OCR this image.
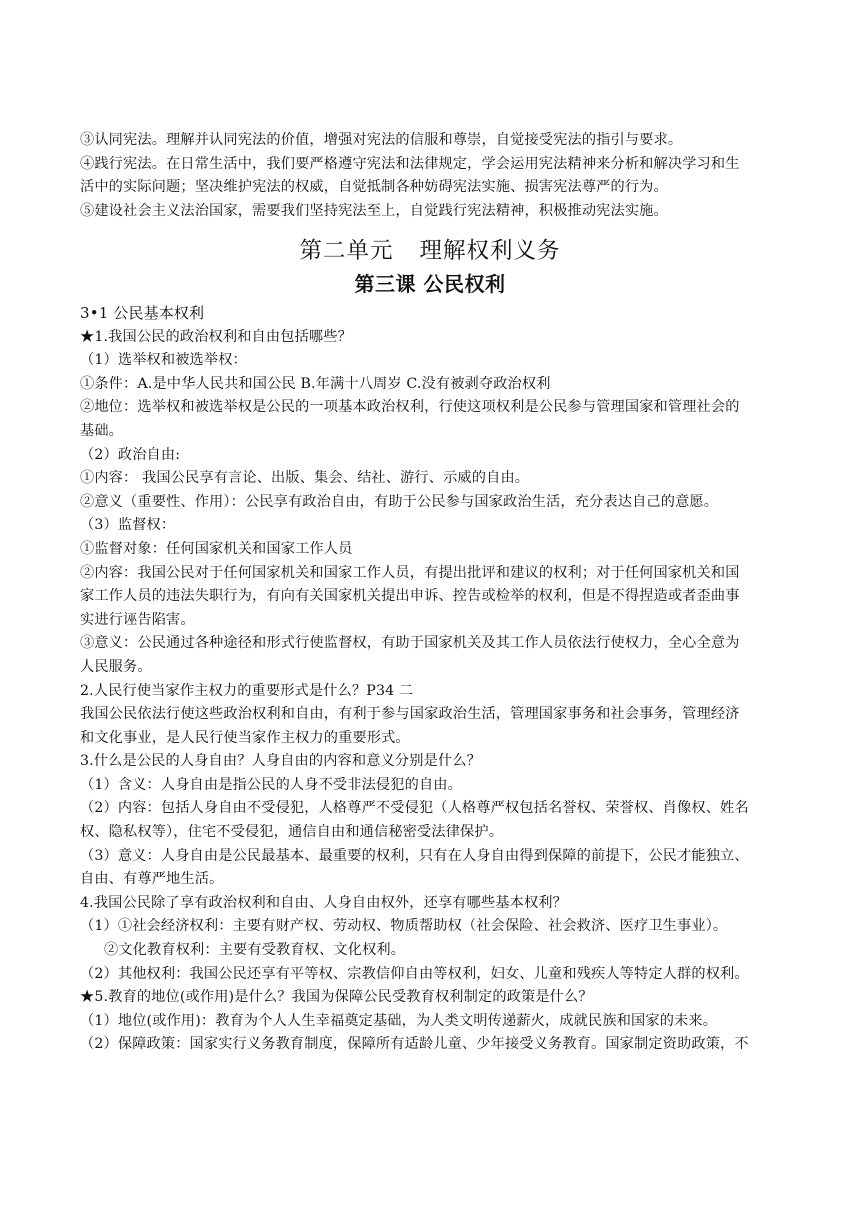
③认同宪法。理解并认同宪法的价值，增强对宪法的信服和尊崇，自觉接受宪法的指引与要求。
④践行宪法。在日常生活中，我们要严格遵守宪法和法律规定，学会运用宪法精神来分析和解决学习和生
活中的实际问题；坚决维护宪法的权威，自觉抵制各种妨碍宪法实施、损害宪法尊严的行为。
⑤建设社会主义法治国家，需要我们坚持宪法至上，自觉践行宪法精神，积极推动宪法实施。
第二单元 理解权利义务
第三课 公民权利
3•1 公民基本权利
★1.我国公民的政治权利和自由包括哪些？
（1）选举权和被选举权：
①条件：A.是中华人民共和国公民 B.年满十八周岁 C.没有被剥夺政治权利
②地位：选举权和被选举权是公民的一项基本政治权利，行使这项权利是公民参与管理国家和管理社会的
基础。
（2）政治自由:
①内容： 我国公民享有言论、出版、集会、结社、游行、示威的自由。
②意义（重要性、作用）：公民享有政治自由，有助于公民参与国家政治生活，充分表达自己的意愿。
（3）监督权：
①监督对象：任何国家机关和国家工作人员
②内容：我国公民对于任何国家机关和国家工作人员，有提出批评和建议的权利；对于任何国家机关和国
家工作人员的违法失职行为，有向有关国家机关提出申诉、控告或检举的权利，但是不得捏造或者歪曲事
实进行诬告陷害。
③意义：公民通过各种途径和形式行使监督权，有助于国家机关及其工作人员依法行使权力，全心全意为
人民服务。
2.人民行使当家作主权力的重要形式是什么？P34 二
我国公民依法行使这些政治权利和自由，有利于参与国家政治生活，管理国家事务和社会事务，管理经济
和文化事业，是人民行使当家作主权力的重要形式。
3.什么是公民的人身自由？人身自由的内容和意义分别是什么？
（1）含义：人身自由是指公民的人身不受非法侵犯的自由。
（2）内容：包括人身自由不受侵犯，人格尊严不受侵犯（人格尊严权包括名誉权、荣誉权、肖像权、姓名
权、隐私权等），住宅不受侵犯，通信自由和通信秘密受法律保护。
（3）意义：人身自由是公民最基本、最重要的权利，只有在人身自由得到保障的前提下，公民才能独立、
自由、有尊严地生活。
4.我国公民除了享有政治权利和自由、人身自由权外，还享有哪些基本权利？
（1）①社会经济权利：主要有财产权、劳动权、物质帮助权（社会保险、社会救济、医疗卫生事业）。
②文化教育权利：主要有受教育权、文化权利。
（2）其他权利：我国公民还享有平等权、宗教信仰自由等权利，妇女、儿童和残疾人等特定人群的权利。
★5.教育的地位(或作用)是什么？我国为保障公民受教育权利制定的政策是什么？
（1）地位(或作用)：教育为个人人生幸福奠定基础，为人类文明传递薪火，成就民族和国家的未来。
（2）保障政策：国家实行义务教育制度，保障所有适龄儿童、少年接受义务教育。国家制定资助政策，不
